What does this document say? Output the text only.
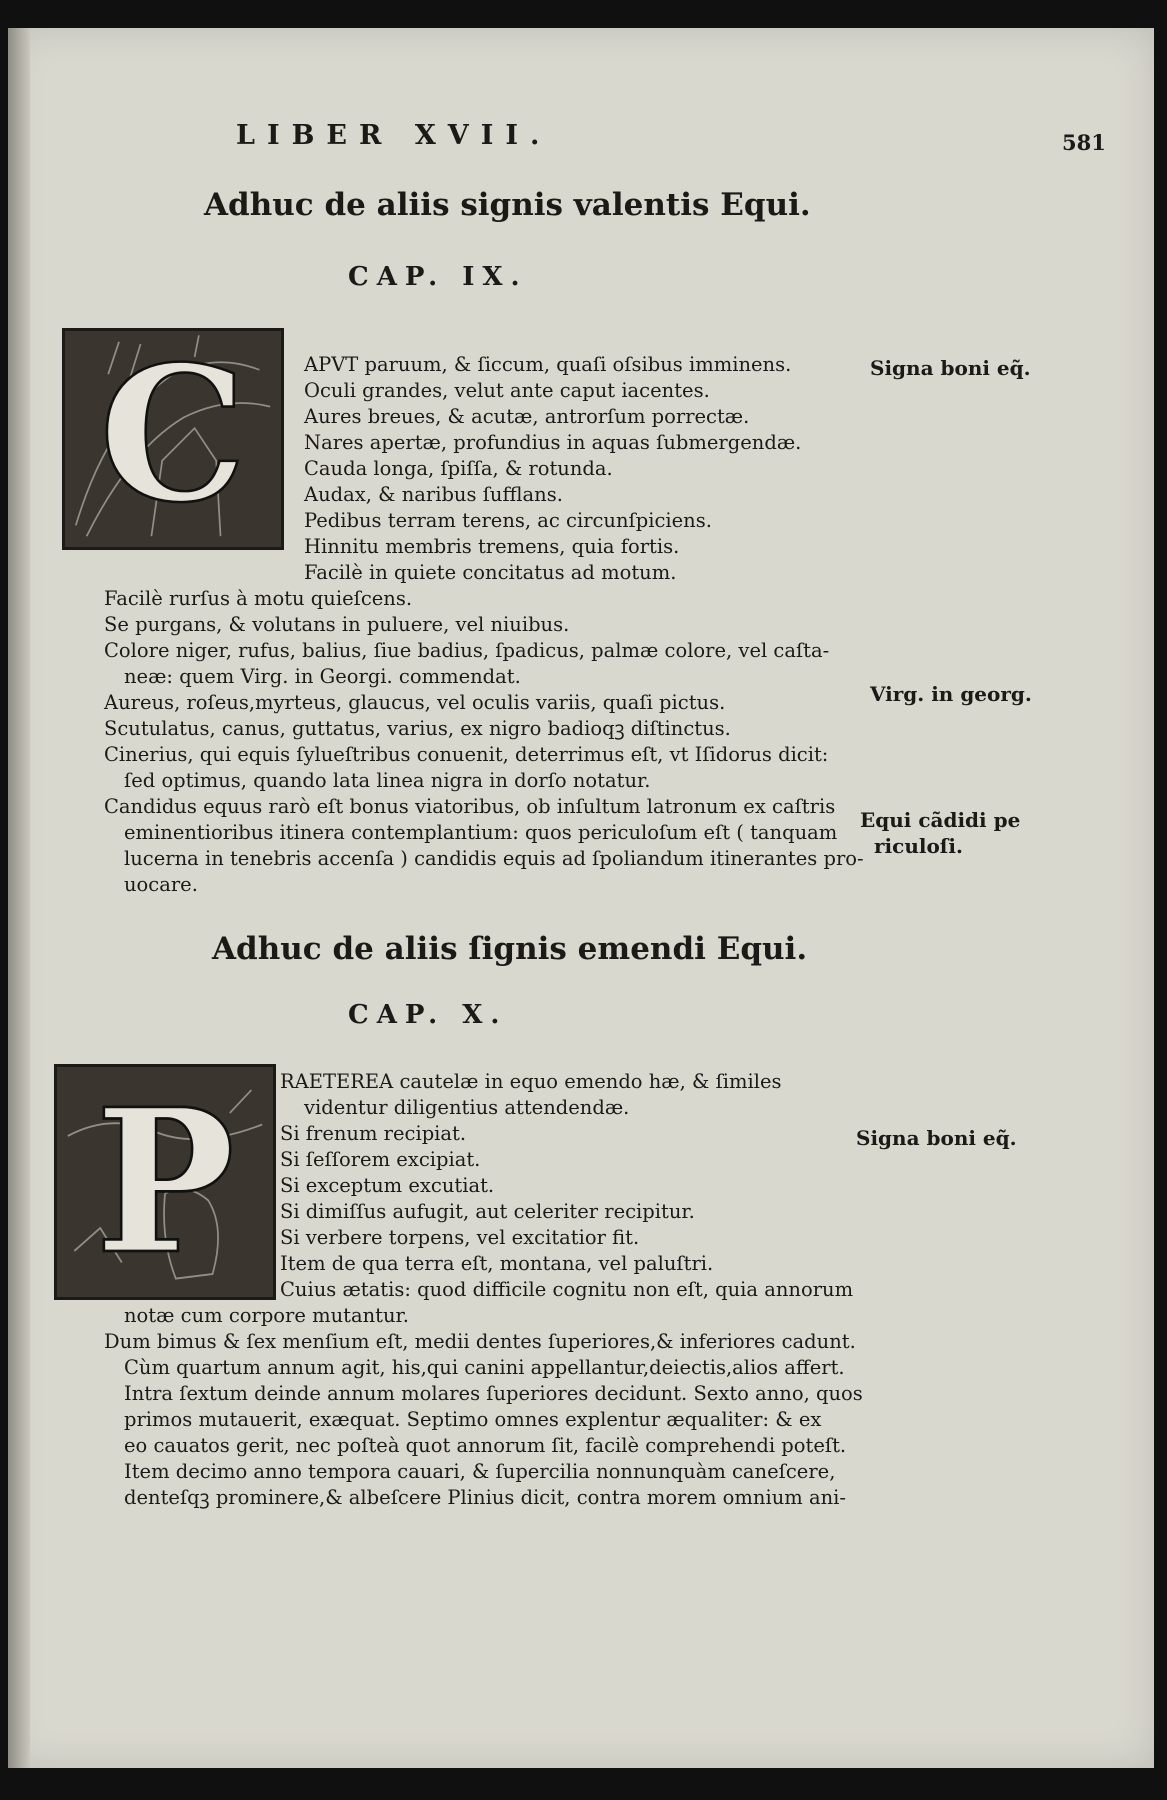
LIBER XVII.	581
Adhuc de aliis signis valentis Equi.
CAP. IX.
C	APVT paruum, & ſiccum, quaſi oſsibus imminens.
Oculi grandes, velut ante caput iacentes.
Aures breues, & acutæ, antrorſum porrectæ.
Nares apertæ, profundius in aquas ſubmergendæ.
Cauda longa, ſpiſſa, & rotunda.
Audax, & naribus ſufflans.
Pedibus terram terens, ac circunſpiciens.
Hinnitu membris tremens, quia fortis.
Facilè in quiete concitatus ad motum.
Facilè rurſus à motu quieſcens.
Se purgans, & volutans in puluere, vel niuibus.
Colore niger, rufus, balius, ſiue badius, ſpadicus, palmæ colore, vel caſta-
neæ: quem Virg. in Georgi. commendat.
Aureus, roſeus,myrteus, glaucus, vel oculis variis, quaſi pictus.
Scutulatus, canus, guttatus, varius, ex nigro badioqꝫ diſtinctus.
Cinerius, qui equis ſylueſtribus conuenit, deterrimus eſt, vt Iſidorus dicit:
ſed optimus, quando lata linea nigra in dorſo notatur.
Candidus equus rarò eſt bonus viatoribus, ob inſultum latronum ex caſtris
eminentioribus itinera contemplantium: quos periculoſum eſt ( tanquam
lucerna in tenebris accenſa ) candidis equis ad ſpoliandum itinerantes pro-
uocare.
Signa boni eq̃.
Virg. in georg.
Equi cãdidi pe
riculoſi.
Adhuc de aliis ſignis emendi Equi.
CAP. X.
P RAETEREA cautelæ in equo emendo hæ, & ſimiles
videntur diligentius attendendæ.
Si frenum recipiat.
Si ſeſſorem excipiat.
Si exceptum excutiat.
Si dimiſſus aufugit, aut celeriter recipitur.
Si verbere torpens, vel excitatior fit.
Item de qua terra eſt, montana, vel paluſtri.
Cuius ætatis: quod difficile cognitu non eſt, quia annorum
notæ cum corpore mutantur.
Dum bimus & ſex menſium eſt, medii dentes ſuperiores,& inferiores cadunt.
Cùm quartum annum agit, his,qui canini appellantur,deiectis,alios affert.
Intra ſextum deinde annum molares ſuperiores decidunt. Sexto anno, quos
primos mutauerit, exæquat. Septimo omnes explentur æqualiter: & ex
eo cauatos gerit, nec poſteà quot annorum ſit, facilè comprehendi poteſt.
Item decimo anno tempora cauari, & ſupercilia nonnunquàm caneſcere,
denteſqꝫ prominere,& albeſcere Plinius dicit, contra morem omnium ani-
Signa boni eq̃.
